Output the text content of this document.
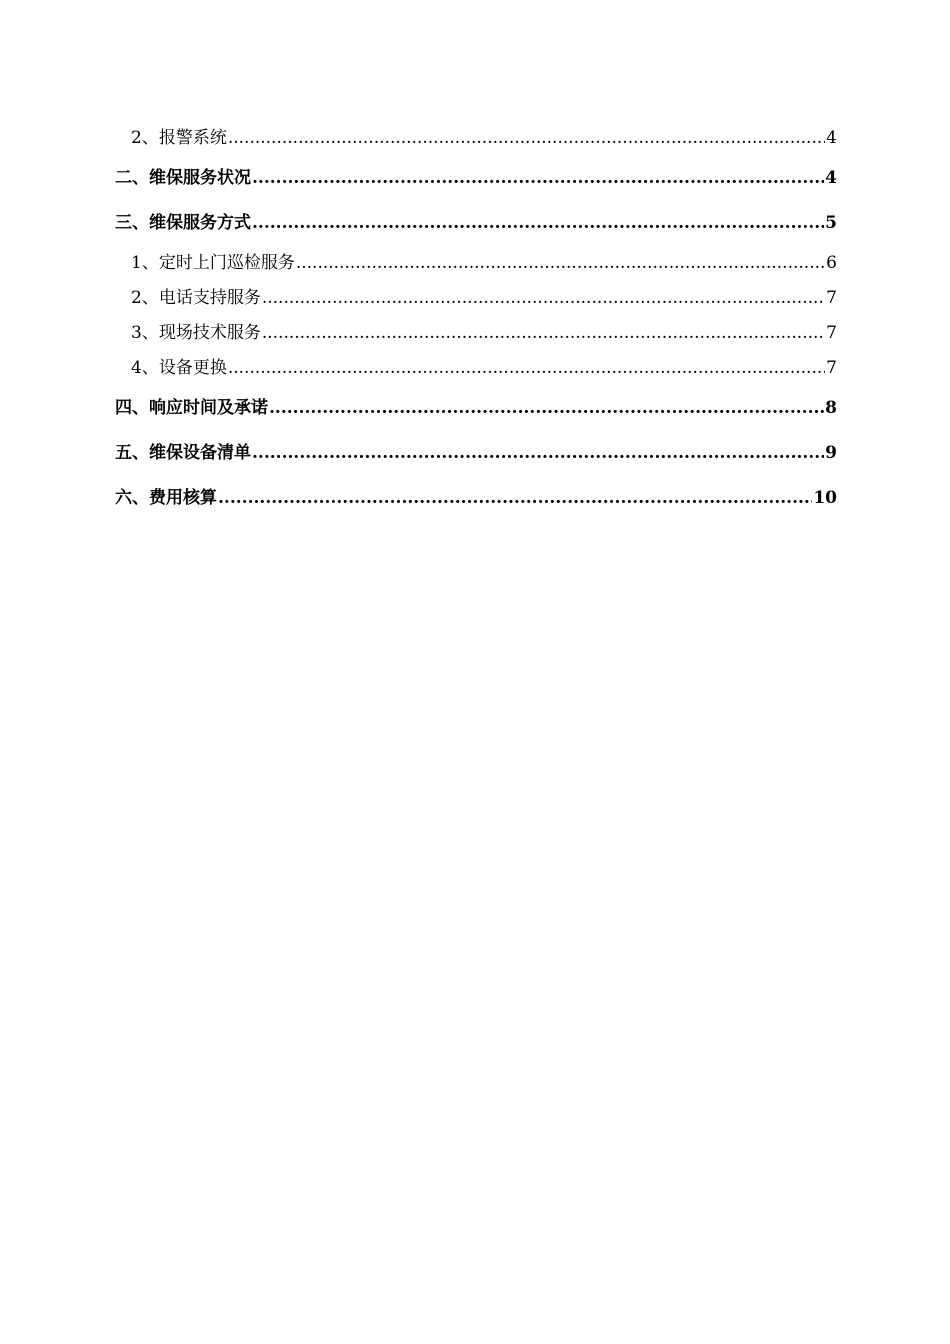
2、报警系统 .....	4
二、维保服务状况 .....	4
三、维保服务方式 .....	5
1、定时上门巡检服务 .....	6
2、电话支持服务 .....	7
3、现场技术服务 .....	7
4、设备更换 .....	7
四、响应时间及承诺 .....	8
五、维保设备清单 .....	9
六、费用核算 .....	10
